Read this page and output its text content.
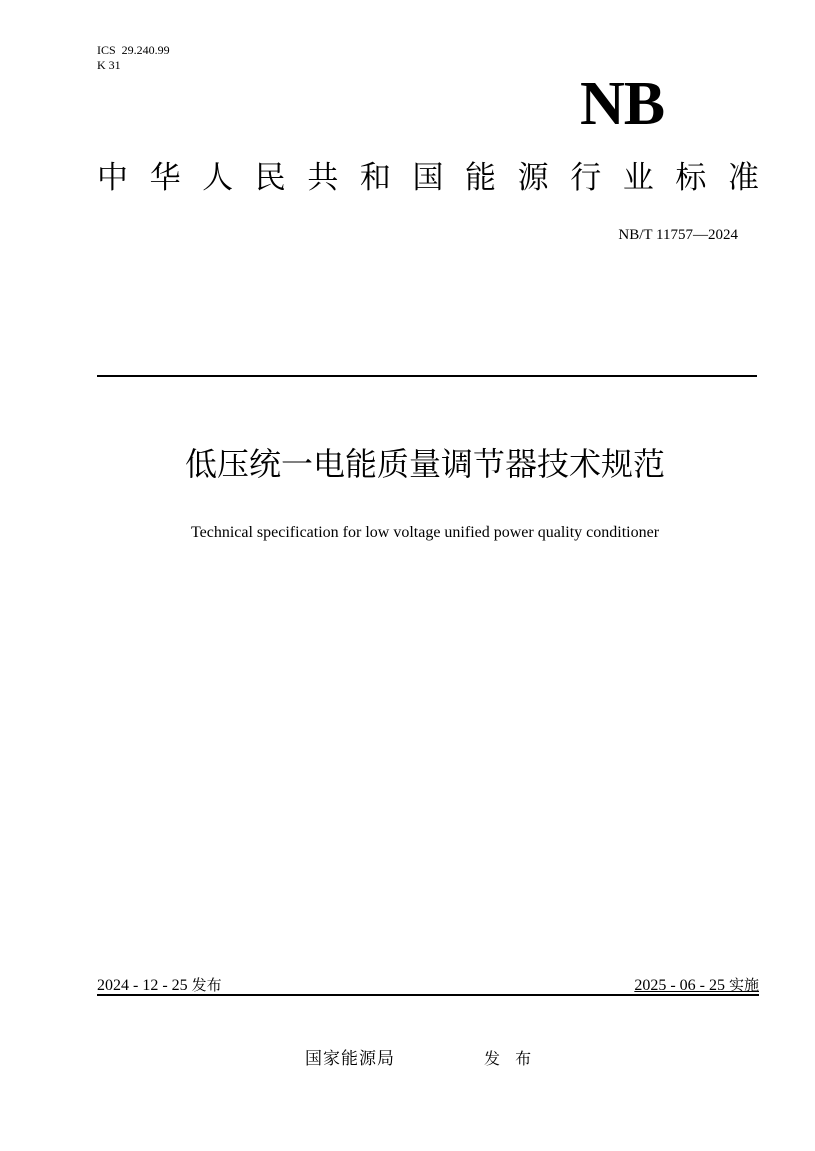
ICS  29.240.99
K 31
NB
中 华 人 民 共 和 国 能 源 行 业 标 准
NB/T 11757—2024
低压统一电能质量调节器技术规范
Technical specification for low voltage unified power quality conditioner
2024 - 12 - 25 发布	2025 - 06 - 25 实施
国家能源局	发 布
